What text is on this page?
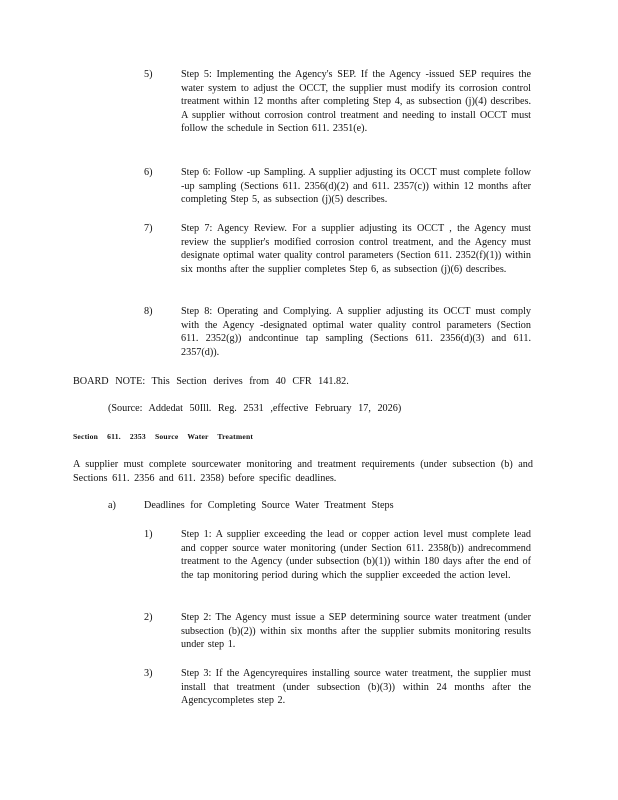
5)	Step 5: Implementing the Agency's SEP. If the Agency -issued SEP requires the water system to adjust the OCCT, the supplier must modify its corrosion control treatment within 12 months after completing Step 4, as subsection (j)(4) describes. A supplier without corrosion control treatment and needing to install OCCT must follow the schedule in Section 611. 2351(e).
6)	Step 6: Follow -up Sampling. A supplier adjusting its OCCT must complete follow -up sampling (Sections 611. 2356(d)(2) and 611. 2357(c)) within 12 months after completing Step 5, as subsection (j)(5) describes.
7)	Step 7: Agency Review. For a supplier adjusting its OCCT , the Agency must review the supplier's modified corrosion control treatment, and the Agency must designate optimal water quality control parameters (Section 611. 2352(f)(1)) within six months after the supplier completes Step 6, as subsection (j)(6) describes.
8)	Step 8: Operating and Complying. A supplier adjusting its OCCT must comply with the Agency -designated optimal water quality control parameters (Section 611. 2352(g)) andcontinue tap sampling (Sections 611. 2356(d)(3) and 611. 2357(d)).
BOARD NOTE: This Section derives from 40 CFR 141.82.
(Source: Addedat 50Ill. Reg. 2531 ,effective February 17, 2026)
Section 611. 2353 Source Water Treatment
A supplier must complete sourcewater monitoring and treatment requirements (under subsection (b) and Sections 611. 2356 and 611. 2358) before specific deadlines.
a)	Deadlines for Completing Source Water Treatment Steps
1)	Step 1: A supplier exceeding the lead or copper action level must complete lead and copper source water monitoring (under Section 611. 2358(b)) andrecommend treatment to the Agency (under subsection (b)(1)) within 180 days after the end of the tap monitoring period during which the supplier exceeded the action level.
2)	Step 2: The Agency must issue a SEP determining source water treatment (under subsection (b)(2)) within six months after the supplier submits monitoring results under step 1.
3)	Step 3: If the Agencyrequires installing source water treatment, the supplier must install that treatment (under subsection (b)(3)) within 24 months after the Agencycompletes step 2.
